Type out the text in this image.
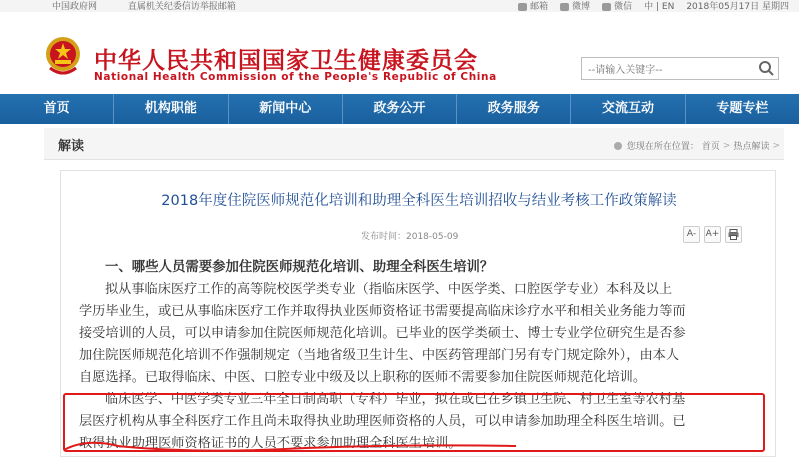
中国政府网	直属机关纪委信访举报邮箱	邮箱	微博	微信 中 | EN 2018年05月17日 星期四
中华人民共和国国家卫生健康委员会
National Health Commission of the People's Republic of China
--请输入关键字--
首页	机构职能	新闻中心	政务公开	政务服务	交流互动	专题专栏
解读	您现在所在位置： 首页 > 热点解读 >
2018年度住院医师规范化培训和助理全科医生培训招收与结业考核工作政策解读
发布时间：2018-05-09	A-	A+

一、哪些人员需要参加住院医师规范化培训、助理全科医生培训？

拟从事临床医疗工作的高等院校医学类专业（指临床医学、中医学类、口腔医学专业）本科及以上

学历毕业生，或已从事临床医疗工作并取得执业医师资格证书需要提高临床诊疗水平和相关业务能力等而

接受培训的人员，可以申请参加住院医师规范化培训。已毕业的医学类硕士、博士专业学位研究生是否参

加住院医师规范化培训不作强制规定（当地省级卫生计生、中医药管理部门另有专门规定除外），由本人

自愿选择。已取得临床、中医、口腔专业中级及以上职称的医师不需要参加住院医师规范化培训。

临床医学、中医学类专业三年全日制高职（专科）毕业，拟在或已在乡镇卫生院、村卫生室等农村基

层医疗机构从事全科医疗工作且尚未取得执业助理医师资格的人员，可以申请参加助理全科医生培训。已

取得执业助理医师资格证书的人员不要求参加助理全科医生培训。
